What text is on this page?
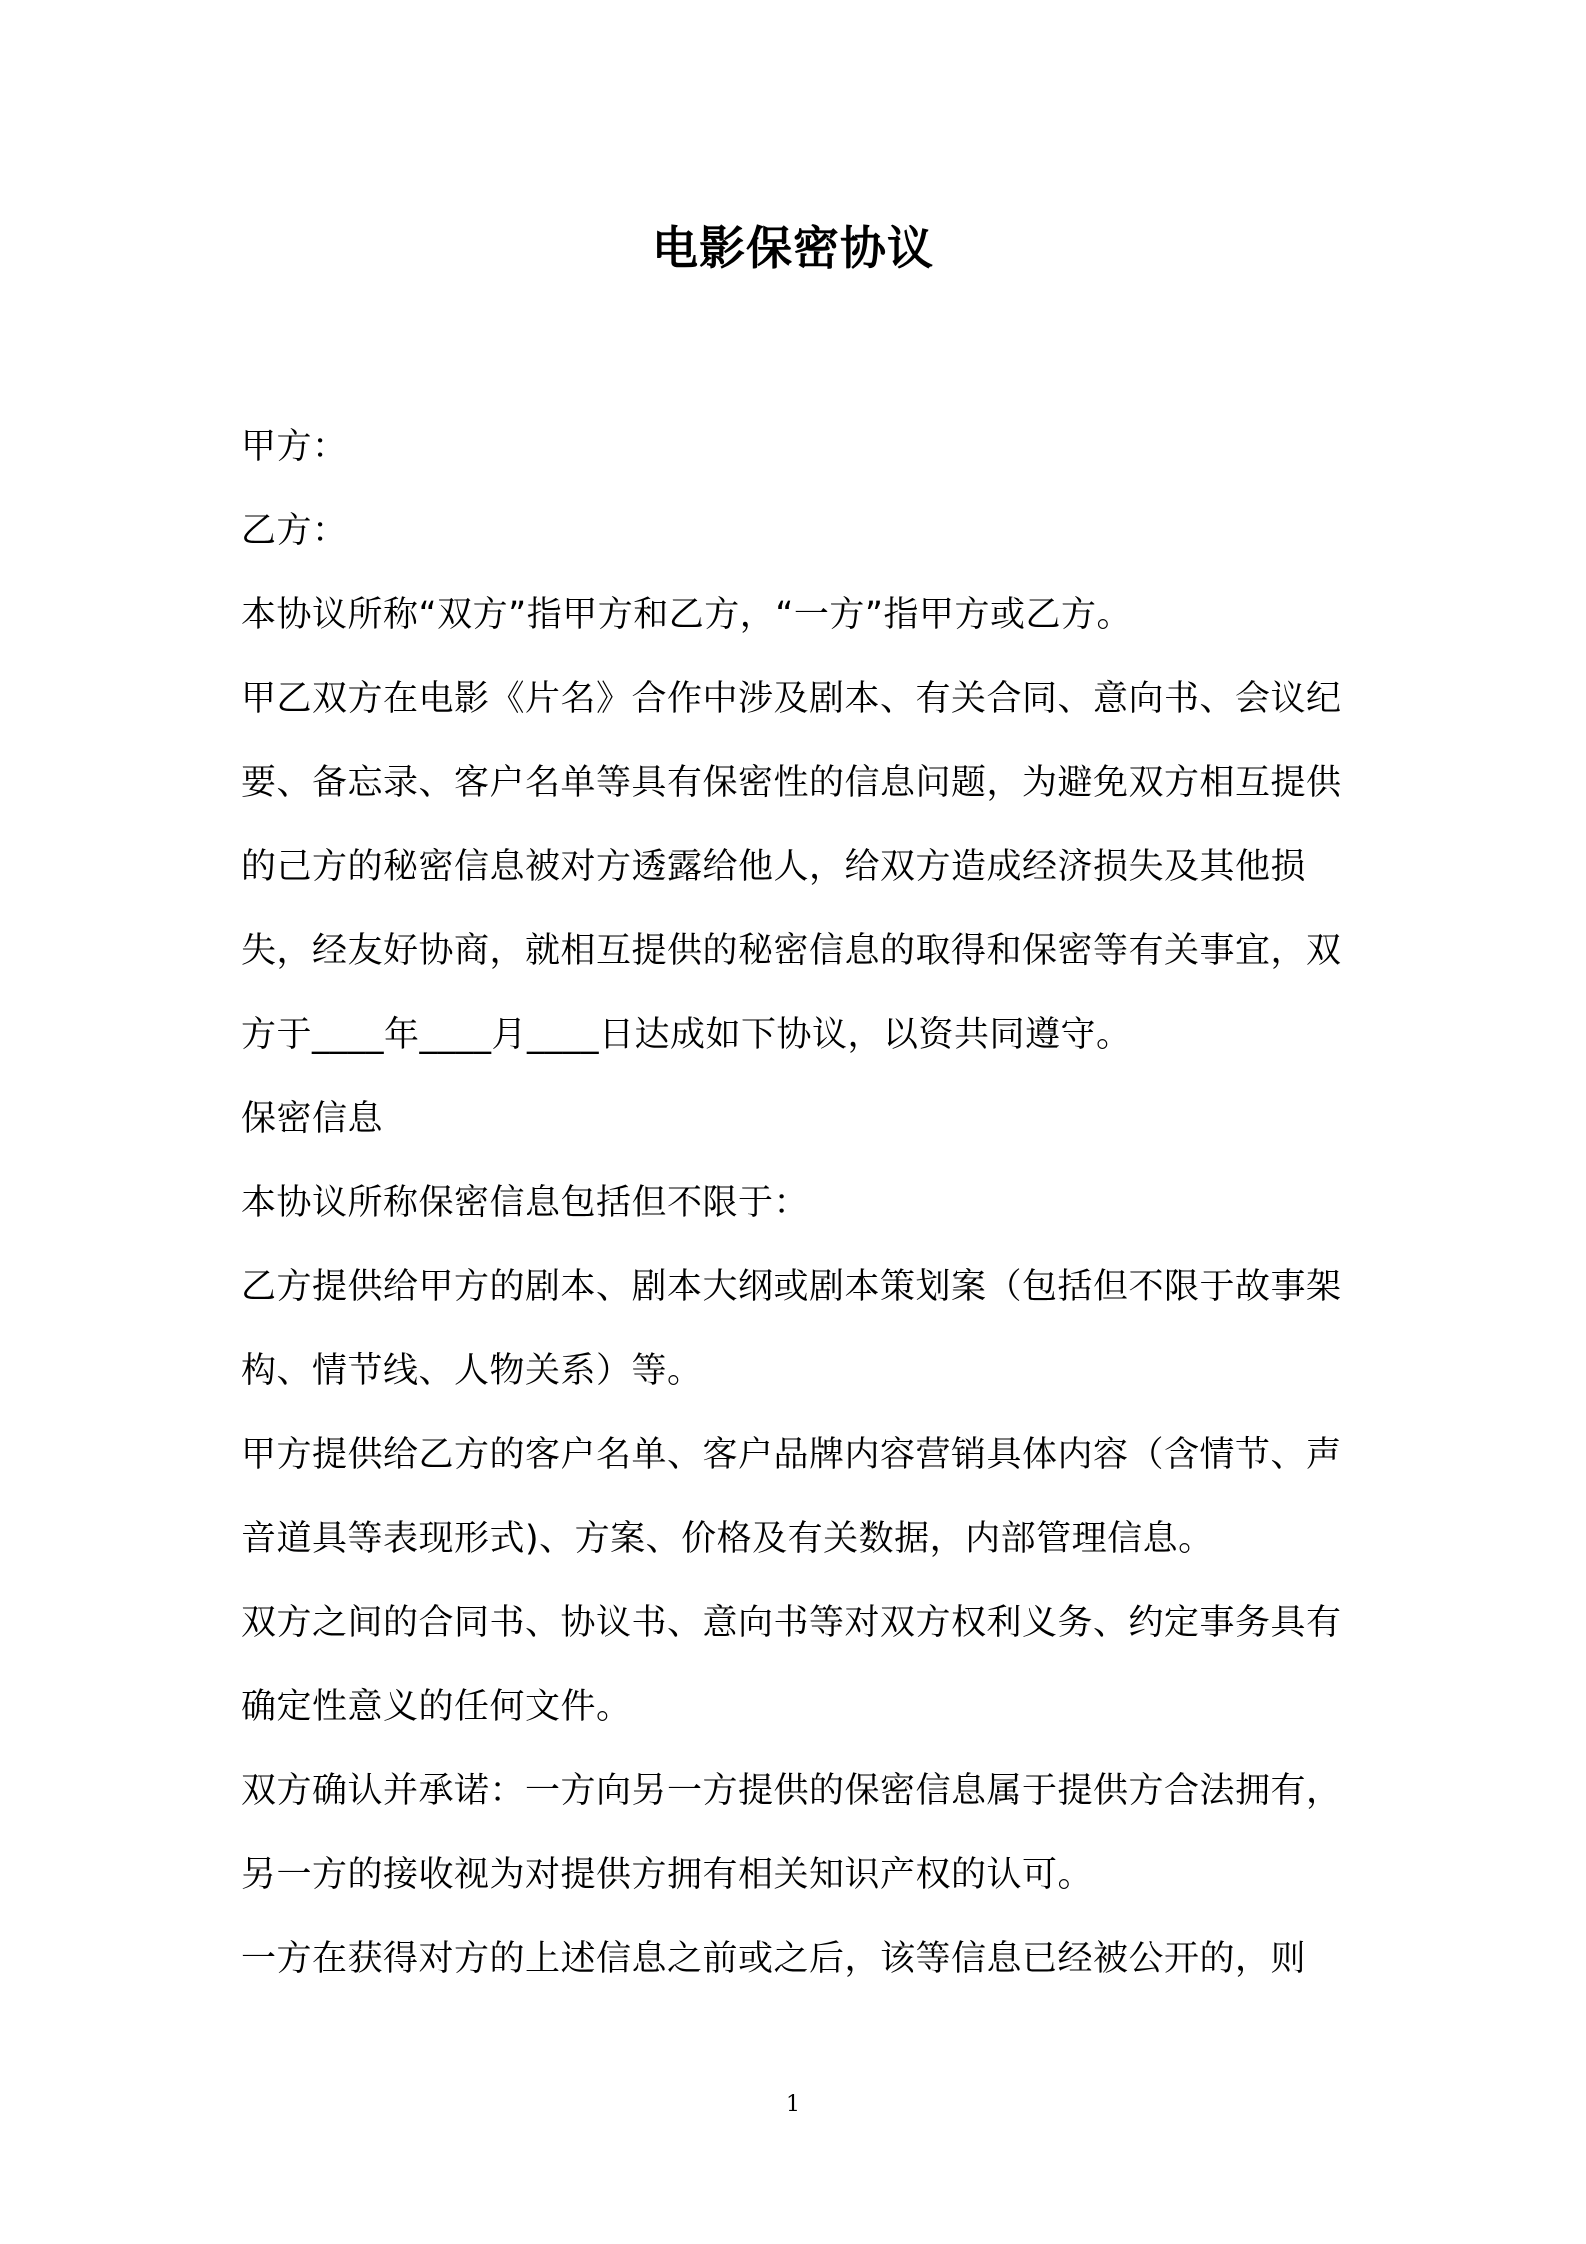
电影保密协议

甲方：

乙方：

本协议所称“双方”指甲方和乙方，“一方”指甲方或乙方。

甲乙双方在电影《片名》合作中涉及剧本、有关合同、意向书、会议纪要、备忘录、客户名单等具有保密性的信息问题，为避免双方相互提供的己方的秘密信息被对方透露给他人，给双方造成经济损失及其他损失，经友好协商，就相互提供的秘密信息的取得和保密等有关事宜，双方于____年____月____日达成如下协议，以资共同遵守。

保密信息

本协议所称保密信息包括但不限于：

乙方提供给甲方的剧本、剧本大纲或剧本策划案（包括但不限于故事架构、情节线、人物关系）等。

甲方提供给乙方的客户名单、客户品牌内容营销具体内容（含情节、声音道具等表现形式)、方案、价格及有关数据，内部管理信息。

双方之间的合同书、协议书、意向书等对双方权利义务、约定事务具有确定性意义的任何文件。

双方确认并承诺：一方向另一方提供的保密信息属于提供方合法拥有，另一方的接收视为对提供方拥有相关知识产权的认可。

一方在获得对方的上述信息之前或之后，该等信息已经被公开的，则

1
